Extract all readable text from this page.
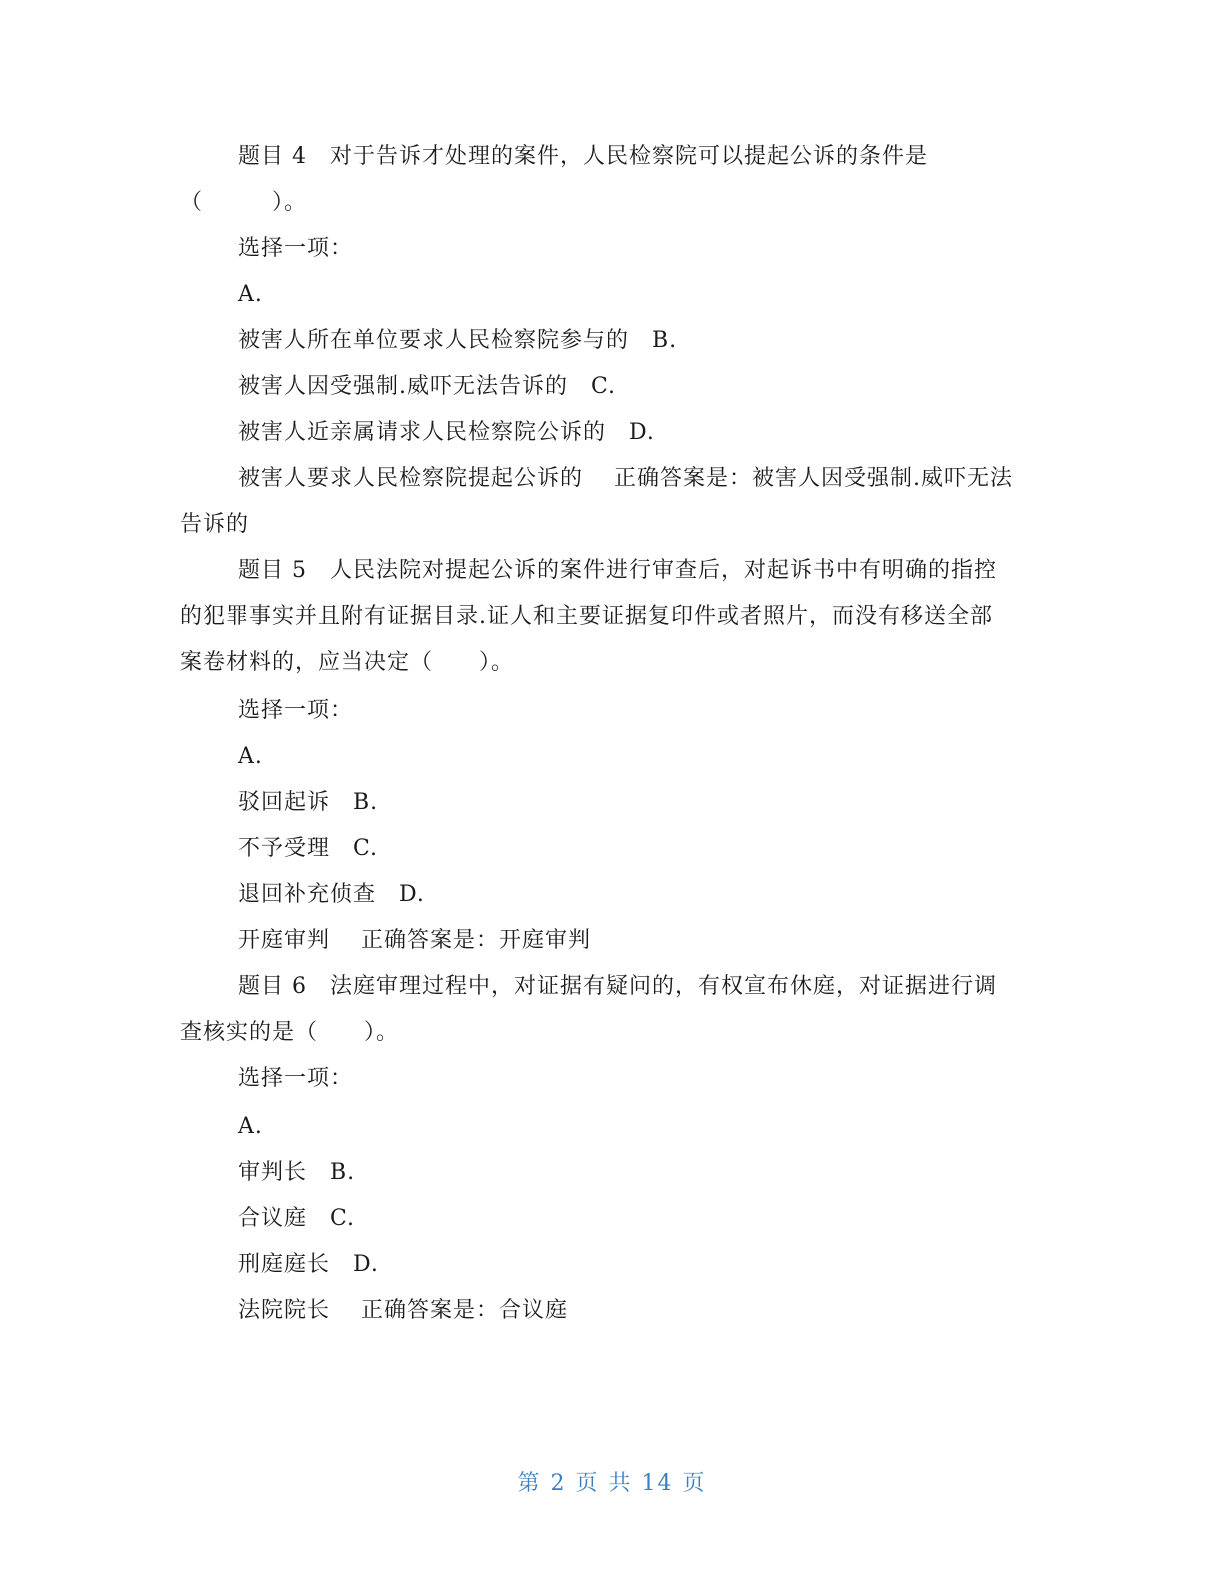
题目 4　对于告诉才处理的案件，人民检察院可以提起公诉的条件是
（　　　）。
选择一项：
A.
被害人所在单位要求人民检察院参与的　B.
被害人因受强制.威吓无法告诉的　C.
被害人近亲属请求人民检察院公诉的　D.
被害人要求人民检察院提起公诉的　 正确答案是：被害人因受强制.威吓无法
告诉的
题目 5　人民法院对提起公诉的案件进行审查后，对起诉书中有明确的指控
的犯罪事实并且附有证据目录.证人和主要证据复印件或者照片，而没有移送全部
案卷材料的，应当决定（　　）。
选择一项：
A.
驳回起诉　B.
不予受理　C.
退回补充侦查　D.
开庭审判　 正确答案是：开庭审判
题目 6　法庭审理过程中，对证据有疑问的，有权宣布休庭，对证据进行调
查核实的是（　　）。
选择一项：
A.
审判长　B.
合议庭　C.
刑庭庭长　D.
法院院长　 正确答案是：合议庭
第 2 页 共 14 页
